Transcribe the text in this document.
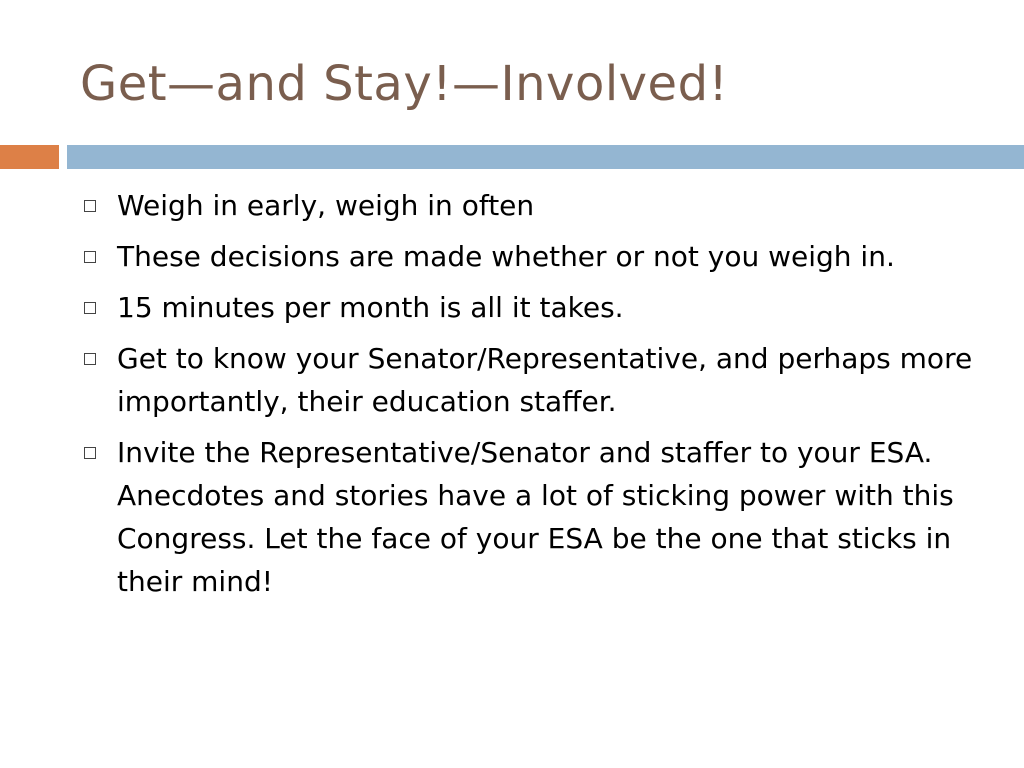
Get—and Stay!—Involved!
Weigh in early, weigh in often
These decisions are made whether or not you weigh in.
15 minutes per month is all it takes.
Get to know your Senator/Representative, and perhaps more importantly, their education staffer.
Invite the Representative/Senator and staffer to your ESA. Anecdotes and stories have a lot of sticking power with this Congress. Let the face of your ESA be the one that sticks in their mind!
